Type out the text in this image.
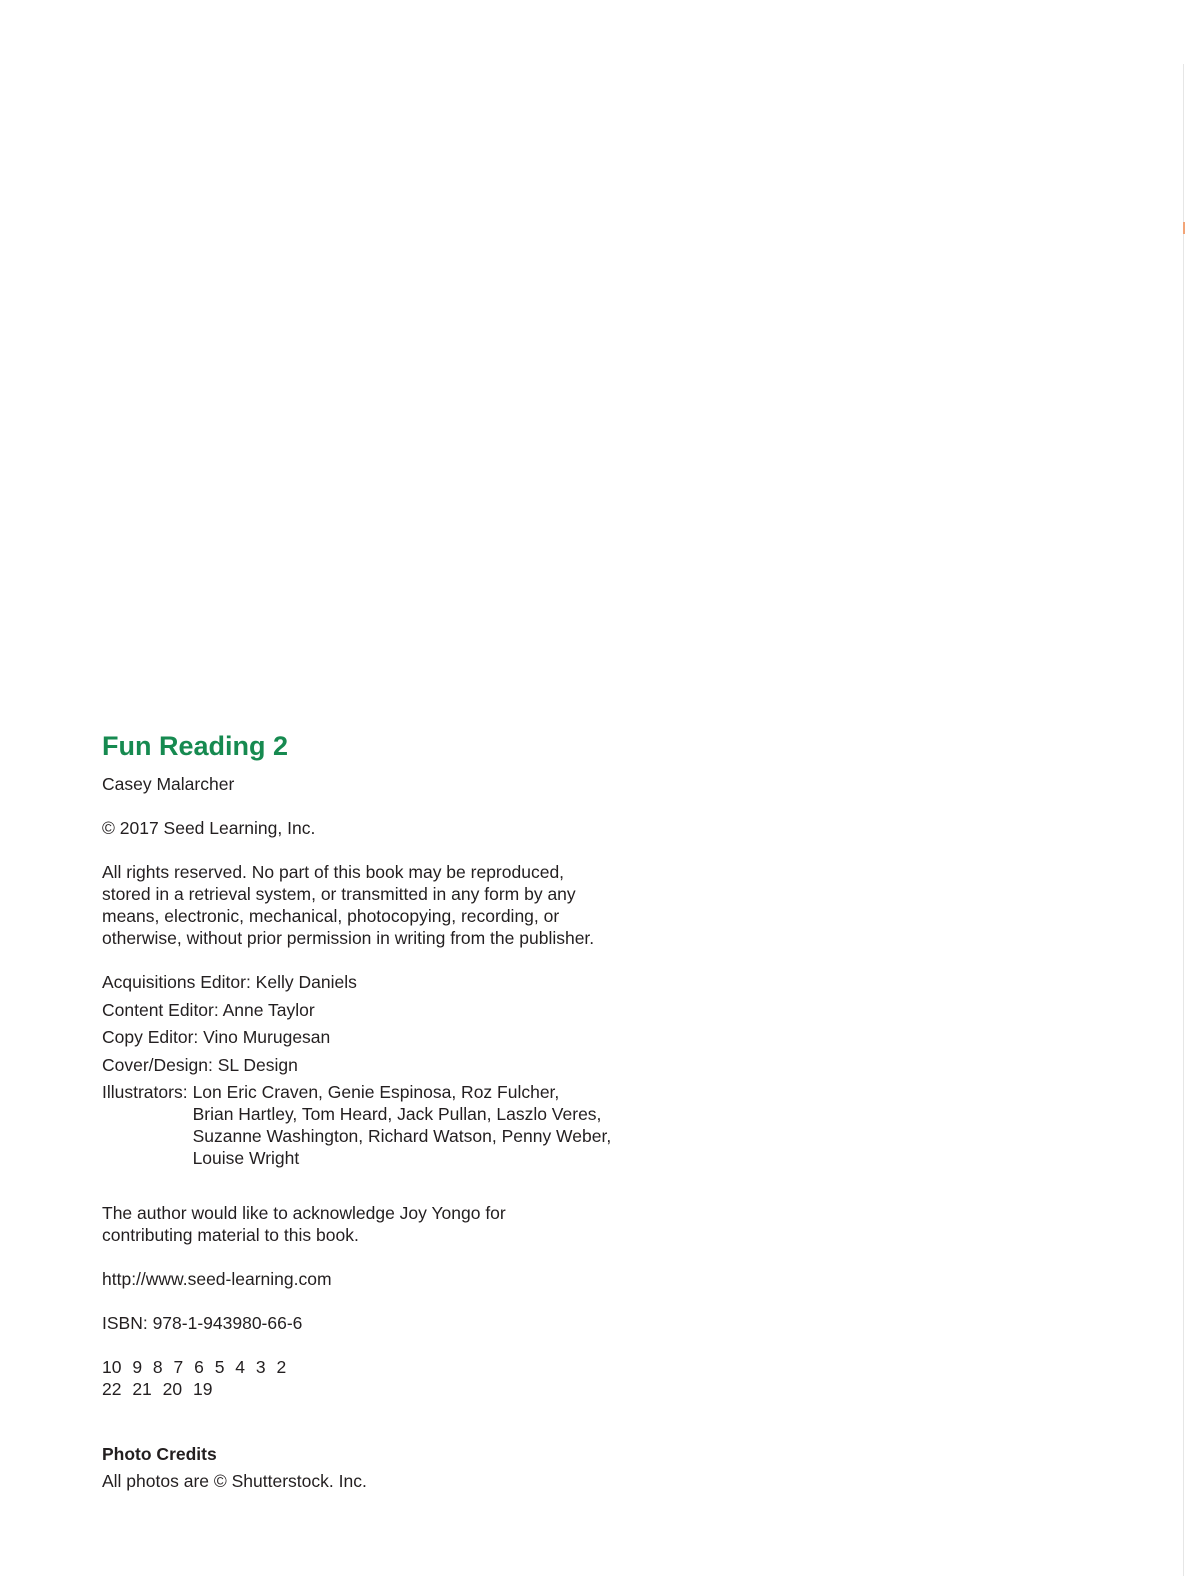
Fun Reading 2

Casey Malarcher

© 2017 Seed Learning, Inc.

All rights reserved. No part of this book may be reproduced,

stored in a retrieval system, or transmitted in any form by any

means, electronic, mechanical, photocopying, recording, or

otherwise, without prior permission in writing from the publisher.

Acquisitions Editor: Kelly Daniels

Content Editor: Anne Taylor

Copy Editor: Vino Murugesan

Cover/Design: SL Design

Illustrators: Lon Eric Craven, Genie Espinosa, Roz Fulcher,

Brian Hartley, Tom Heard, Jack Pullan, Laszlo Veres,

Suzanne Washington, Richard Watson, Penny Weber,

Louise Wright

The author would like to acknowledge Joy Yongo for

contributing material to this book.

http://www.seed-learning.com

ISBN: 978-1-943980-66-6

10 9 8 7 6 5 4 3 2

22 21 20 19

Photo Credits

All photos are © Shutterstock. Inc.
